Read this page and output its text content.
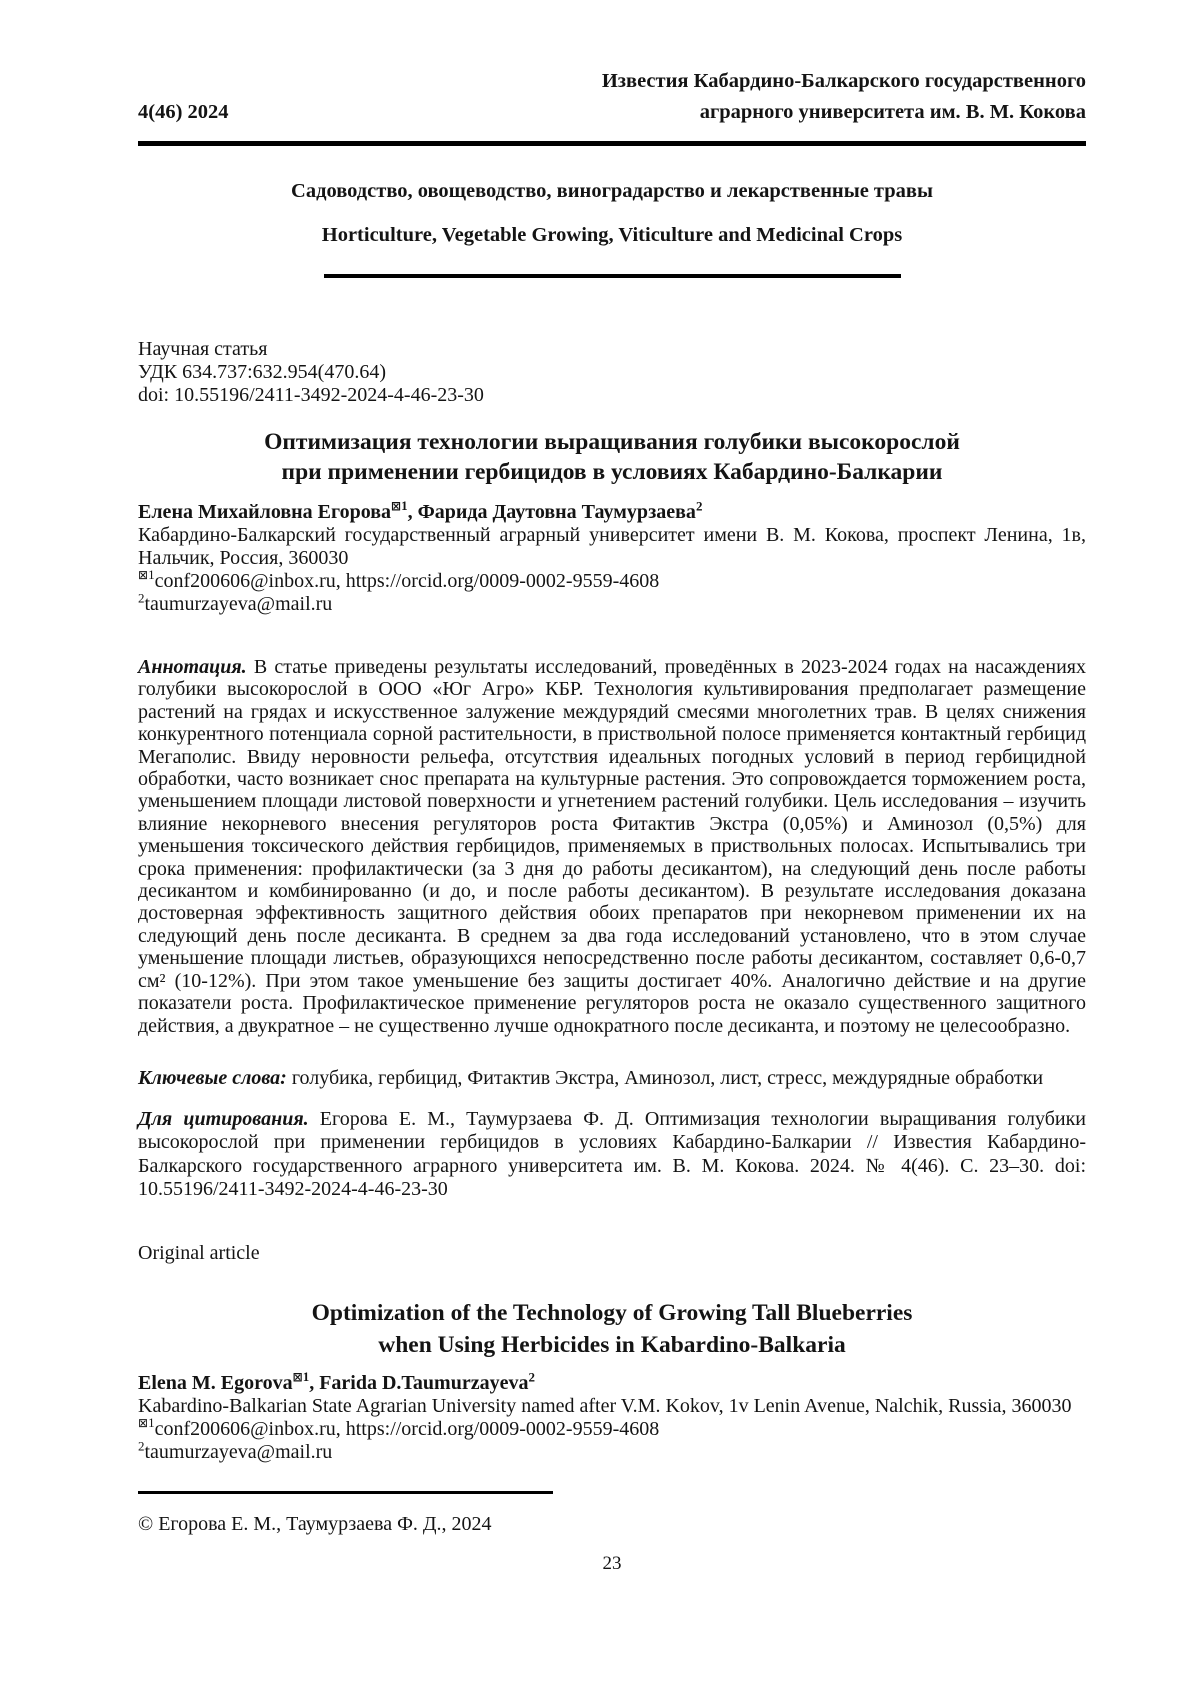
4(46) 2024
Известия Кабардино-Балкарского государственного
аграрного университета им. В. М. Кокова
Садоводство, овощеводство, виноградарство и лекарственные травы
Horticulture, Vegetable Growing, Viticulture and Medicinal Crops
Научная статья
УДК 634.737:632.954(470.64)
doi: 10.55196/2411-3492-2024-4-46-23-30
Оптимизация технологии выращивания голубики высокорослой
при применении гербицидов в условиях Кабардино-Балкарии
Елена Михайловна Егорова$^{⊠1}$, Фарида Даутовна Таумурзаева$^2$
Кабардино-Балкарский государственный аграрный университет имени В. М. Кокова, проспект Ленина, 1в, Нальчик, Россия, 360030
$^{⊠1}$conf200606@inbox.ru, https://orcid.org/0009-0002-9559-4608
$^2$taumurzayeva@mail.ru

Аннотация. В статье приведены результаты исследований, проведённых в 2023-2024 годах на насаждениях голубики высокорослой в ООО «Юг Агро» КБР. Технология культивирования предполагает размещение растений на грядах и искусственное залужение междурядий смесями многолетних трав. В целях снижения конкурентного потенциала сорной растительности, в приствольной полосе применяется контактный гербицид Мегаполис. Ввиду неровности рельефа, отсутствия идеальных погодных условий в период гербицидной обработки, часто возникает снос препарата на культурные растения. Это сопровождается торможением роста, уменьшением площади листовой поверхности и угнетением растений голубики. Цель исследования – изучить влияние некорневого внесения регуляторов роста Фитактив Экстра (0,05%) и Аминозол (0,5%) для уменьшения токсического действия гербицидов, применяемых в приствольных полосах. Испытывались три срока применения: профилактически (за 3 дня до работы десикантом), на следующий день после работы десикантом и комбинированно (и до, и после работы десикантом). В результате исследования доказана достоверная эффективность защитного действия обоих препаратов при некорневом применении их на следующий день после десиканта. В среднем за два года исследований установлено, что в этом случае уменьшение площади листьев, образующихся непосредственно после работы десикантом, составляет 0,6-0,7 см² (10-12%). При этом такое уменьшение без защиты достигает 40%. Аналогично действие и на другие показатели роста. Профилактическое применение регуляторов роста не оказало существенного защитного действия, а двукратное – не существенно лучше однократного после десиканта, и поэтому не целесообразно.

Ключевые слова: голубика, гербицид, Фитактив Экстра, Аминозол, лист, стресс, междурядные обработки

Для цитирования. Егорова Е. М., Таумурзаева Ф. Д. Оптимизация технологии выращивания голубики высокорослой при применении гербицидов в условиях Кабардино-Балкарии // Известия Кабардино-Балкарского государственного аграрного университета им. В. М. Кокова. 2024. № 4(46). С. 23–30. doi: 10.55196/2411-3492-2024-4-46-23-30

Original article
Optimization of the Technology of Growing Tall Blueberries
when Using Herbicides in Kabardino-Balkaria
Elena M. Egorova$^{⊠1}$, Farida D.Taumurzayeva$^2$
Kabardino-Balkarian State Agrarian University named after V.M. Kokov, 1v Lenin Avenue, Nalchik, Russia, 360030
$^{⊠1}$conf200606@inbox.ru, https://orcid.org/0009-0002-9559-4608
$^2$taumurzayeva@mail.ru
© Егорова Е. М., Таумурзаева Ф. Д., 2024
23
